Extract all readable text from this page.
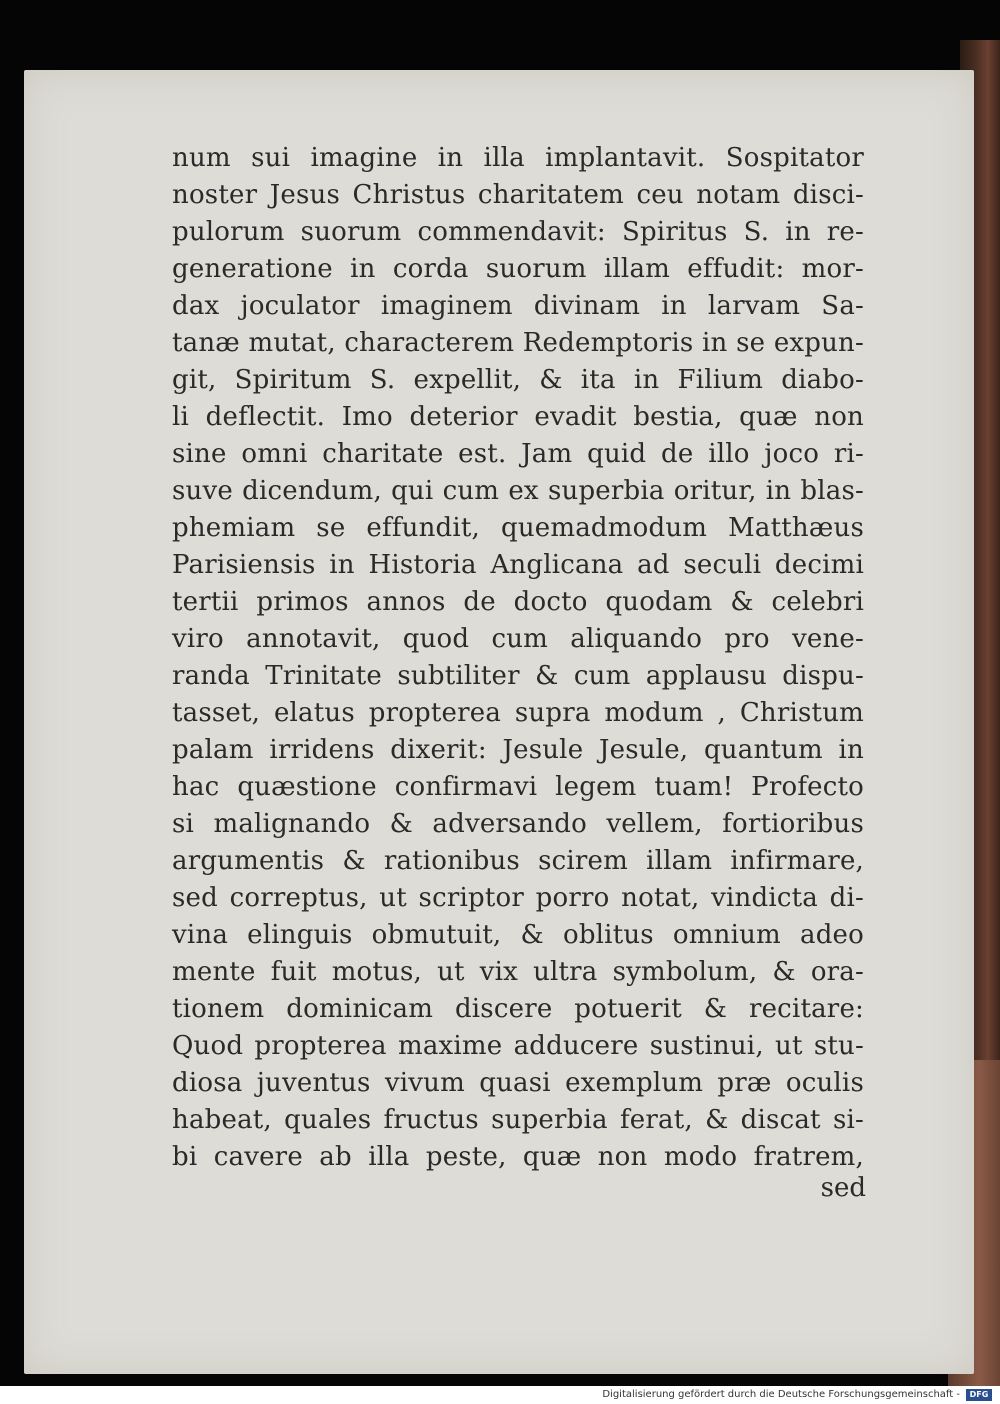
num sui imagine in illa implantavit. Sospitator
noster Jesus Christus charitatem ceu notam disci-
pulorum suorum commendavit: Spiritus S. in re-
generatione in corda suorum illam effudit: mor-
dax joculator imaginem divinam in larvam Sa-
tanæ mutat, characterem Redemptoris in se expun-
git, Spiritum S. expellit, & ita in Filium diabo-
li deflectit. Imo deterior evadit bestia, quæ non
sine omni charitate est. Jam quid de illo joco ri-
suve dicendum, qui cum ex superbia oritur, in blas-
phemiam se effundit, quemadmodum Matthæus
Parisiensis in Historia Anglicana ad seculi decimi
tertii primos annos de docto quodam & celebri
viro annotavit, quod cum aliquando pro vene-
randa Trinitate subtiliter & cum applausu dispu-
tasset, elatus propterea supra modum , Christum
palam irridens dixerit: Jesule Jesule, quantum in
hac quæstione confirmavi legem tuam! Profecto
si malignando & adversando vellem, fortioribus
argumentis & rationibus scirem illam infirmare,
sed correptus, ut scriptor porro notat, vindicta di-
vina elinguis obmutuit, & oblitus omnium adeo
mente fuit motus, ut vix ultra symbolum, & ora-
tionem dominicam discere potuerit & recitare:
Quod propterea maxime adducere sustinui, ut stu-
diosa juventus vivum quasi exemplum præ oculis
habeat, quales fructus superbia ferat, & discat si-
bi cavere ab illa peste, quæ non modo fratrem,
sed
Digitalisierung gefördert durch die Deutsche Forschungsgemeinschaft -	DFG
